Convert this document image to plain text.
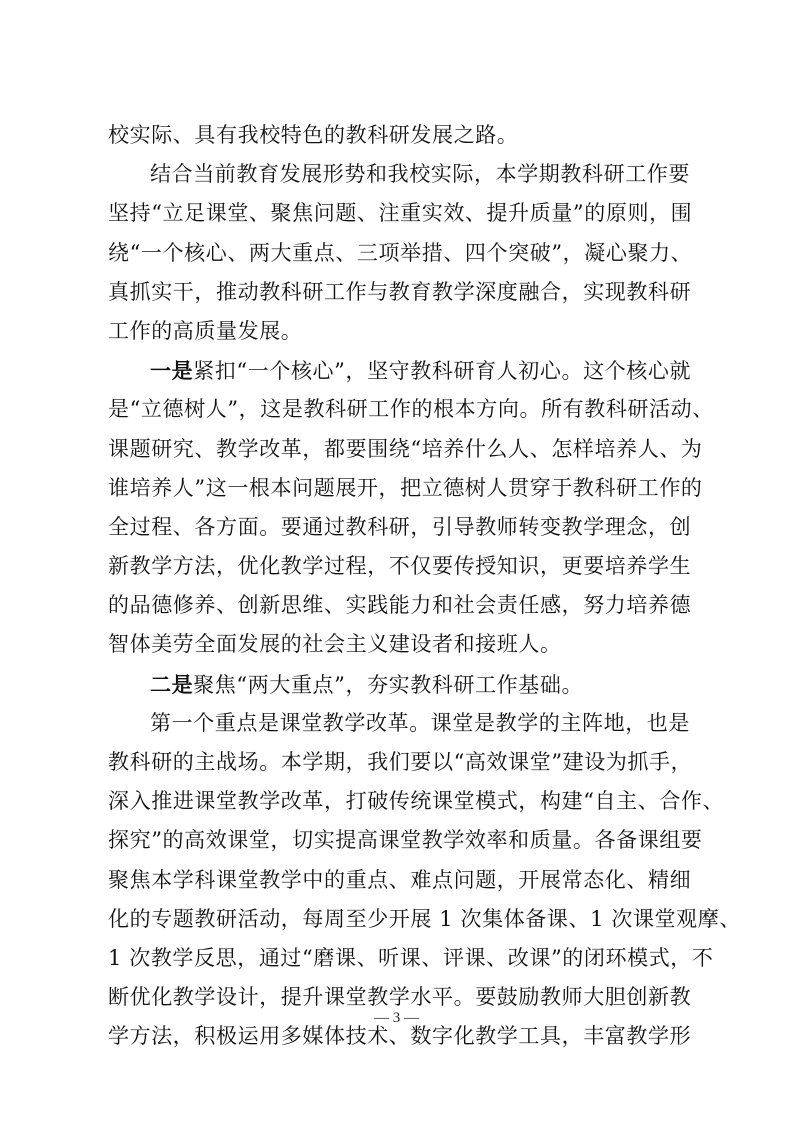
校实际、具有我校特色的教科研发展之路。
结合当前教育发展形势和我校实际，本学期教科研工作要
坚持“立足课堂、聚焦问题、注重实效、提升质量”的原则，围
绕“一个核心、两大重点、三项举措、四个突破”，凝心聚力、
真抓实干，推动教科研工作与教育教学深度融合，实现教科研
工作的高质量发展。
一是紧扣“一个核心”，坚守教科研育人初心。这个核心就
是“立德树人”，这是教科研工作的根本方向。所有教科研活动、
课题研究、教学改革，都要围绕“培养什么人、怎样培养人、为
谁培养人”这一根本问题展开，把立德树人贯穿于教科研工作的
全过程、各方面。要通过教科研，引导教师转变教学理念，创
新教学方法，优化教学过程，不仅要传授知识，更要培养学生
的品德修养、创新思维、实践能力和社会责任感，努力培养德
智体美劳全面发展的社会主义建设者和接班人。
二是聚焦“两大重点”，夯实教科研工作基础。
第一个重点是课堂教学改革。课堂是教学的主阵地，也是
教科研的主战场。本学期，我们要以“高效课堂”建设为抓手，
深入推进课堂教学改革，打破传统课堂模式，构建“自主、合作、
探究”的高效课堂，切实提高课堂教学效率和质量。各备课组要
聚焦本学科课堂教学中的重点、难点问题，开展常态化、精细
化的专题教研活动，每周至少开展 1 次集体备课、1 次课堂观摩、
1 次教学反思，通过“磨课、听课、评课、改课”的闭环模式，不
断优化教学设计，提升课堂教学水平。要鼓励教师大胆创新教
学方法，积极运用多媒体技术、数字化教学工具，丰富教学形
— 3 —
